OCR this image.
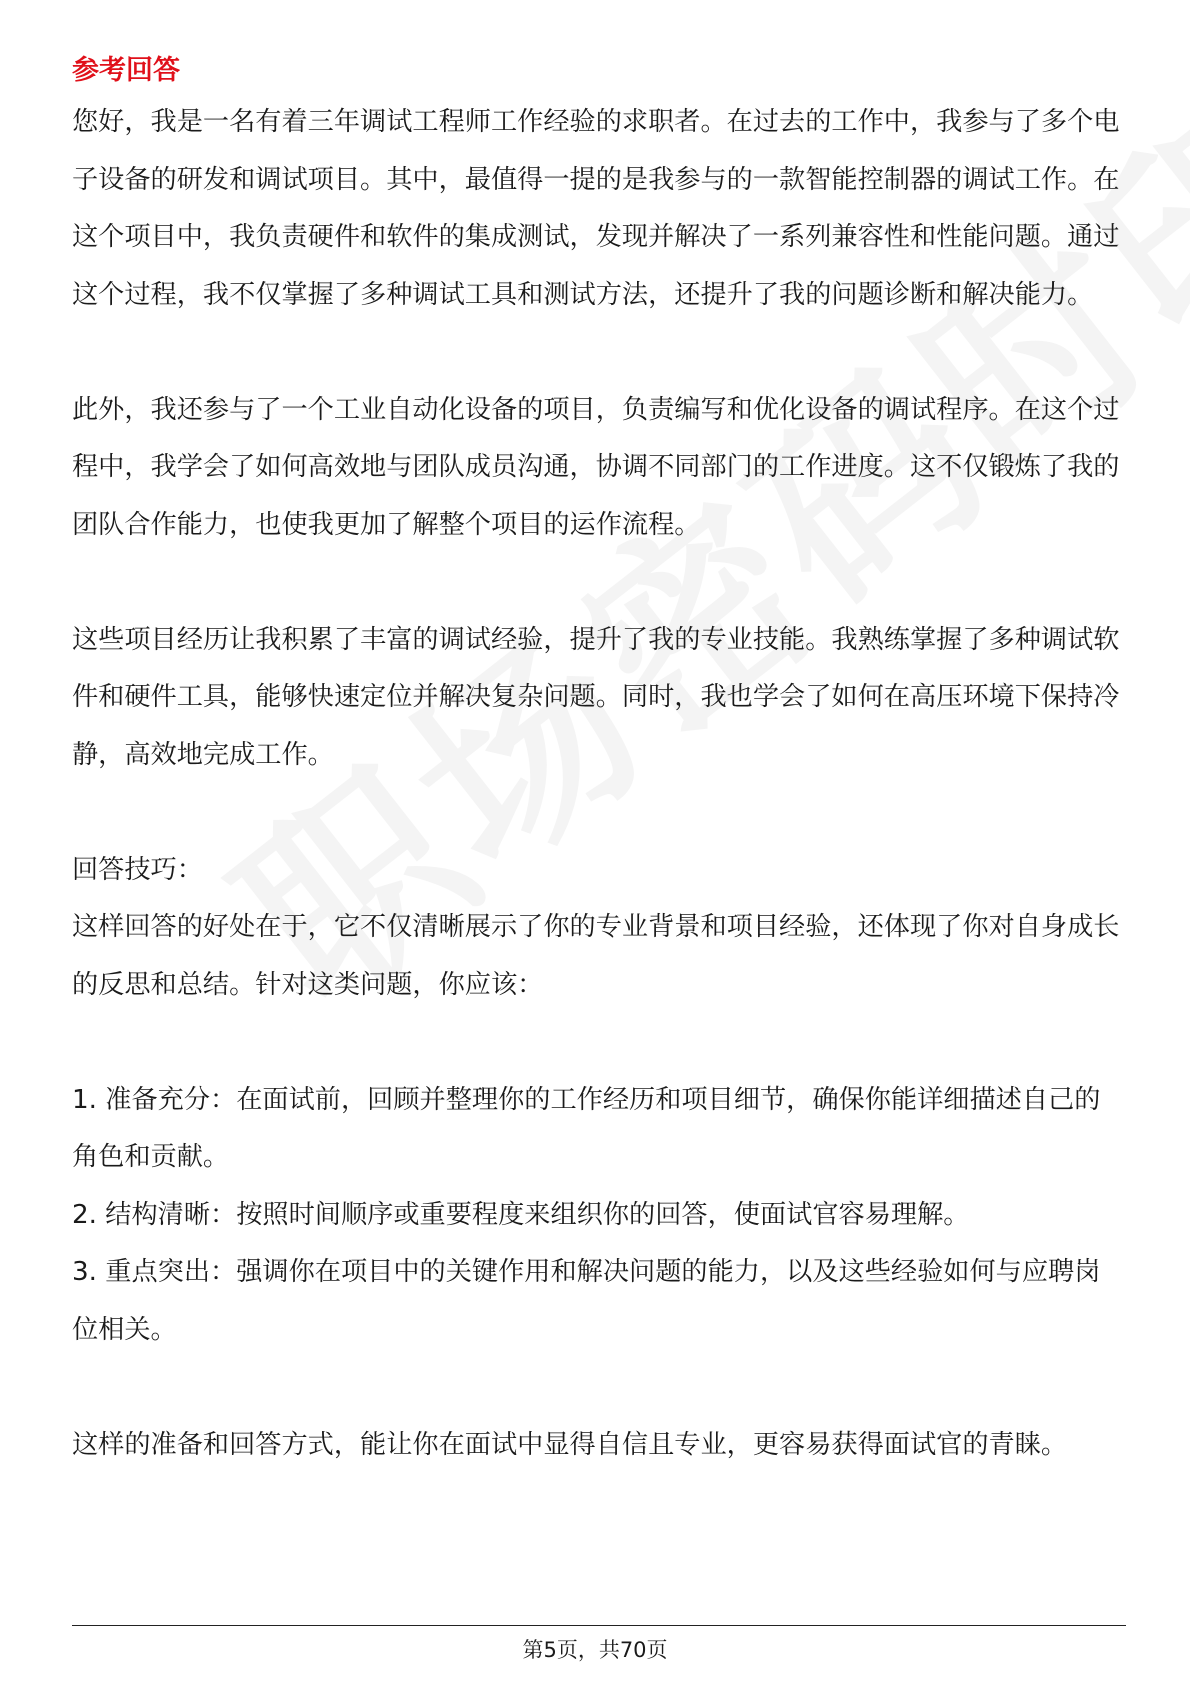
参考回答

您好，我是一名有着三年调试工程师工作经验的求职者。在过去的工作中，我参与了多个电子设备的研发和调试项目。其中，最值得一提的是我参与的一款智能控制器的调试工作。在这个项目中，我负责硬件和软件的集成测试，发现并解决了一系列兼容性和性能问题。通过这个过程，我不仅掌握了多种调试工具和测试方法，还提升了我的问题诊断和解决能力。

此外，我还参与了一个工业自动化设备的项目，负责编写和优化设备的调试程序。在这个过程中，我学会了如何高效地与团队成员沟通，协调不同部门的工作进度。这不仅锻炼了我的团队合作能力，也使我更加了解整个项目的运作流程。

这些项目经历让我积累了丰富的调试经验，提升了我的专业技能。我熟练掌握了多种调试软件和硬件工具，能够快速定位并解决复杂问题。同时，我也学会了如何在高压环境下保持冷静，高效地完成工作。

回答技巧：

这样回答的好处在于，它不仅清晰展示了你的专业背景和项目经验，还体现了你对自身成长的反思和总结。针对这类问题，你应该：

1. 准备充分：在面试前，回顾并整理你的工作经历和项目细节，确保你能详细描述自己的角色和贡献。

2. 结构清晰：按照时间顺序或重要程度来组织你的回答，使面试官容易理解。

3. 重点突出：强调你在项目中的关键作用和解决问题的能力，以及这些经验如何与应聘岗位相关。

这样的准备和回答方式，能让你在面试中显得自信且专业，更容易获得面试官的青睐。

第5页，共70页
